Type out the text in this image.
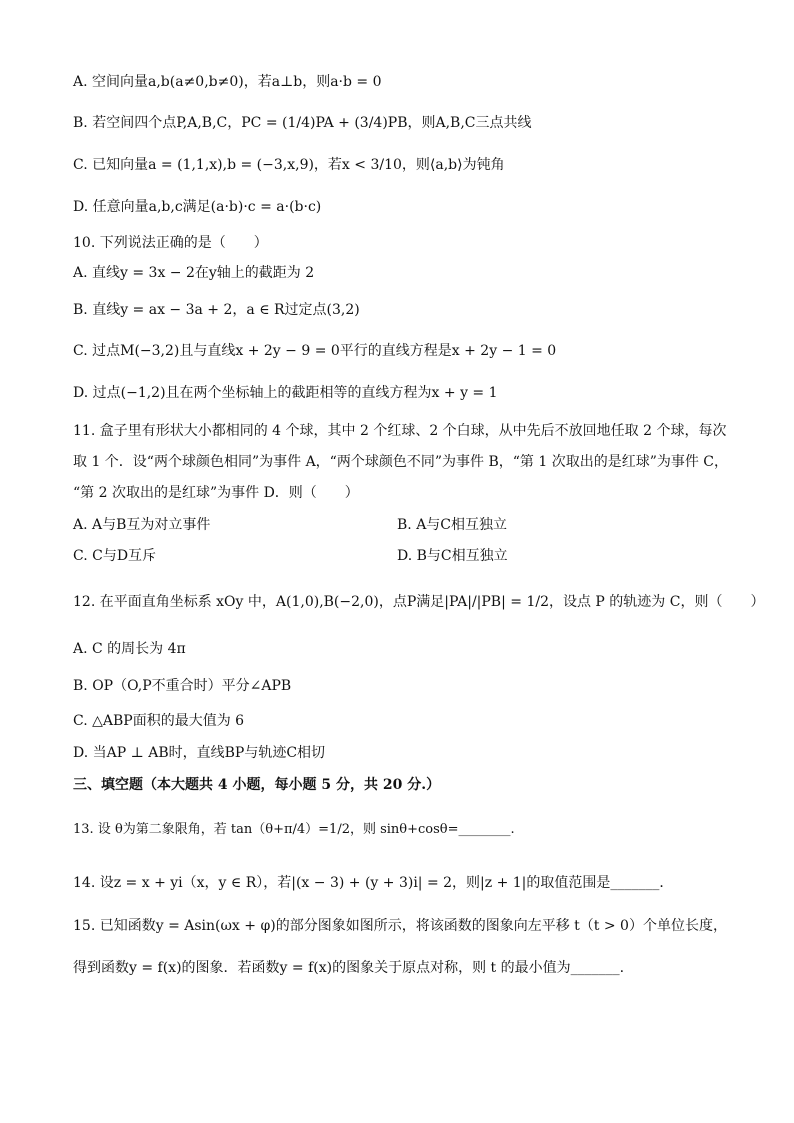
A. 空间向量a,b(a≠0,b≠0)，若a⊥b，则a·b = 0
B. 若空间四个点P,A,B,C，PC = (1/4)PA + (3/4)PB，则A,B,C三点共线
C. 已知向量a = (1,1,x),b = (−3,x,9)，若x < 3/10，则⟨a,b⟩为钝角
D. 任意向量a,b,c满足(a·b)·c = a·(b·c)
10. 下列说法正确的是（　　）
A. 直线y = 3x − 2在y轴上的截距为 2
B. 直线y = ax − 3a + 2，a ∈ R过定点(3,2)
C. 过点M(−3,2)且与直线x + 2y − 9 = 0平行的直线方程是x + 2y − 1 = 0
D. 过点(−1,2)且在两个坐标轴上的截距相等的直线方程为x + y = 1
11. 盒子里有形状大小都相同的 4 个球，其中 2 个红球、2 个白球，从中先后不放回地任取 2 个球，每次
取 1 个．设“两个球颜色相同”为事件 A，“两个球颜色不同”为事件 B，“第 1 次取出的是红球”为事件 C，
“第 2 次取出的是红球”为事件 D．则（　　）
A. A与B互为对立事件	B. A与C相互独立
C. C与D互斥	D. B与C相互独立
12. 在平面直角坐标系 xOy 中，A(1,0),B(−2,0)，点P满足|PA|/|PB| = 1/2，设点 P 的轨迹为 C，则（　　）
A. C 的周长为 4π
B. OP（O,P不重合时）平分∠APB
C. △ABP面积的最大值为 6
D. 当AP ⊥ AB时，直线BP与轨迹C相切
三、填空题（本大题共 4 小题，每小题 5 分，共 20 分.）
13. 设 θ为第二象限角，若 tan（θ+π/4）=1/2，则 sinθ+cosθ=________.
14. 设z = x + yi（x，y ∈ R），若|(x − 3) + (y + 3)i| = 2，则|z + 1|的取值范围是_______．
15. 已知函数y = Asin(ωx + φ)的部分图象如图所示，将该函数的图象向左平移 t（t > 0）个单位长度，
得到函数y = f(x)的图象．若函数y = f(x)的图象关于原点对称，则 t 的最小值为_______.
